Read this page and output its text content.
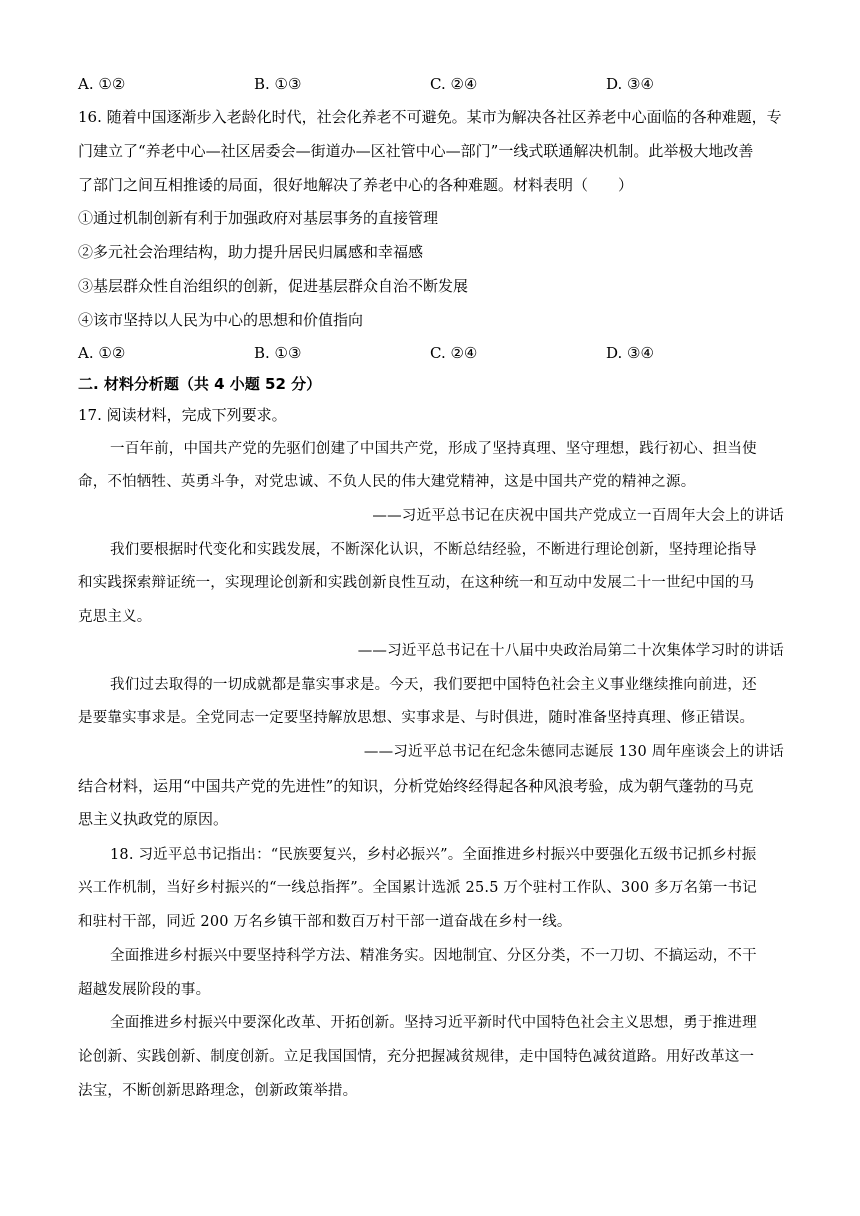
A. ①②	B. ①③	C. ②④	D. ③④
16. 随着中国逐渐步入老龄化时代，社会化养老不可避免。某市为解决各社区养老中心面临的各种难题，专
门建立了“养老中心—社区居委会—街道办—区社管中心—部门”一线式联通解决机制。此举极大地改善
了部门之间互相推诿的局面，很好地解决了养老中心的各种难题。材料表明（　　）
①通过机制创新有利于加强政府对基层事务的直接管理
②多元社会治理结构，助力提升居民归属感和幸福感
③基层群众性自治组织的创新，促进基层群众自治不断发展
④该市坚持以人民为中心的思想和价值指向
A. ①②	B. ①③	C. ②④	D. ③④
二. 材料分析题（共 4 小题 52 分）
17. 阅读材料，完成下列要求。
一百年前，中国共产党的先驱们创建了中国共产党，形成了坚持真理、坚守理想，践行初心、担当使
命，不怕牺牲、英勇斗争，对党忠诚、不负人民的伟大建党精神，这是中国共产党的精神之源。
——习近平总书记在庆祝中国共产党成立一百周年大会上的讲话
我们要根据时代变化和实践发展，不断深化认识，不断总结经验，不断进行理论创新，坚持理论指导
和实践探索辩证统一，实现理论创新和实践创新良性互动，在这种统一和互动中发展二十一世纪中国的马
克思主义。
——习近平总书记在十八届中央政治局第二十次集体学习时的讲话
我们过去取得的一切成就都是靠实事求是。今天，我们要把中国特色社会主义事业继续推向前进，还
是要靠实事求是。全党同志一定要坚持解放思想、实事求是、与时俱进，随时准备坚持真理、修正错误。
——习近平总书记在纪念朱德同志诞辰 130 周年座谈会上的讲话
结合材料，运用“中国共产党的先进性”的知识，分析党始终经得起各种风浪考验，成为朝气蓬勃的马克
思主义执政党的原因。
18. 习近平总书记指出：“民族要复兴，乡村必振兴”。全面推进乡村振兴中要强化五级书记抓乡村振
兴工作机制，当好乡村振兴的“一线总指挥”。全国累计选派 25.5 万个驻村工作队、300 多万名第一书记
和驻村干部，同近 200 万名乡镇干部和数百万村干部一道奋战在乡村一线。
全面推进乡村振兴中要坚持科学方法、精准务实。因地制宜、分区分类，不一刀切、不搞运动，不干
超越发展阶段的事。
全面推进乡村振兴中要深化改革、开拓创新。坚持习近平新时代中国特色社会主义思想，勇于推进理
论创新、实践创新、制度创新。立足我国国情，充分把握减贫规律，走中国特色减贫道路。用好改革这一
法宝，不断创新思路理念，创新政策举措。
